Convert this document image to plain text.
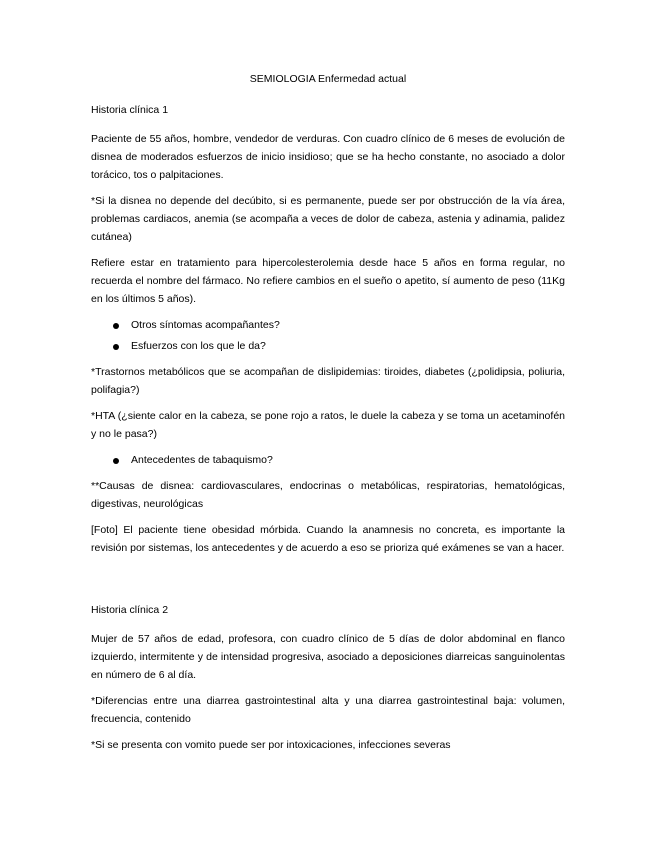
SEMIOLOGIA Enfermedad actual
Historia clínica 1

Paciente de 55 años, hombre, vendedor de verduras. Con cuadro clínico de 6 meses de evolución de disnea de moderados esfuerzos de inicio insidioso; que se ha hecho constante, no asociado a dolor torácico, tos o palpitaciones.

*Si la disnea no depende del decúbito, si es permanente, puede ser por obstrucción de la vía área, problemas cardiacos, anemia (se acompaña a veces de dolor de cabeza, astenia y adinamia, palidez cutánea)

Refiere estar en tratamiento para hipercolesterolemia desde hace 5 años en forma regular, no recuerda el nombre del fármaco. No refiere cambios en el sueño o apetito, sí aumento de peso (11Kg en los últimos 5 años).

Otros síntomas acompañantes?
Esfuerzos con los que le da?

*Trastornos metabólicos que se acompañan de dislipidemias: tiroides, diabetes (¿polidipsia, poliuria, polifagia?)

*HTA (¿siente calor en la cabeza, se pone rojo a ratos, le duele la cabeza y se toma un acetaminofén y no le pasa?)

Antecedentes de tabaquismo?

**Causas de disnea: cardiovasculares, endocrinas o metabólicas, respiratorias, hematológicas, digestivas, neurológicas

[Foto] El paciente tiene obesidad mórbida. Cuando la anamnesis no concreta, es importante la revisión por sistemas, los antecedentes y de acuerdo a eso se prioriza qué exámenes se van a hacer.

Historia clínica 2

Mujer de 57 años de edad, profesora, con cuadro clínico de 5 días de dolor abdominal en flanco izquierdo, intermitente y de intensidad progresiva, asociado a deposiciones diarreicas sanguinolentas en número de 6 al día.

*Diferencias entre una diarrea gastrointestinal alta y una diarrea gastrointestinal baja: volumen, frecuencia, contenido

*Si se presenta con vomito puede ser por intoxicaciones, infecciones severas
